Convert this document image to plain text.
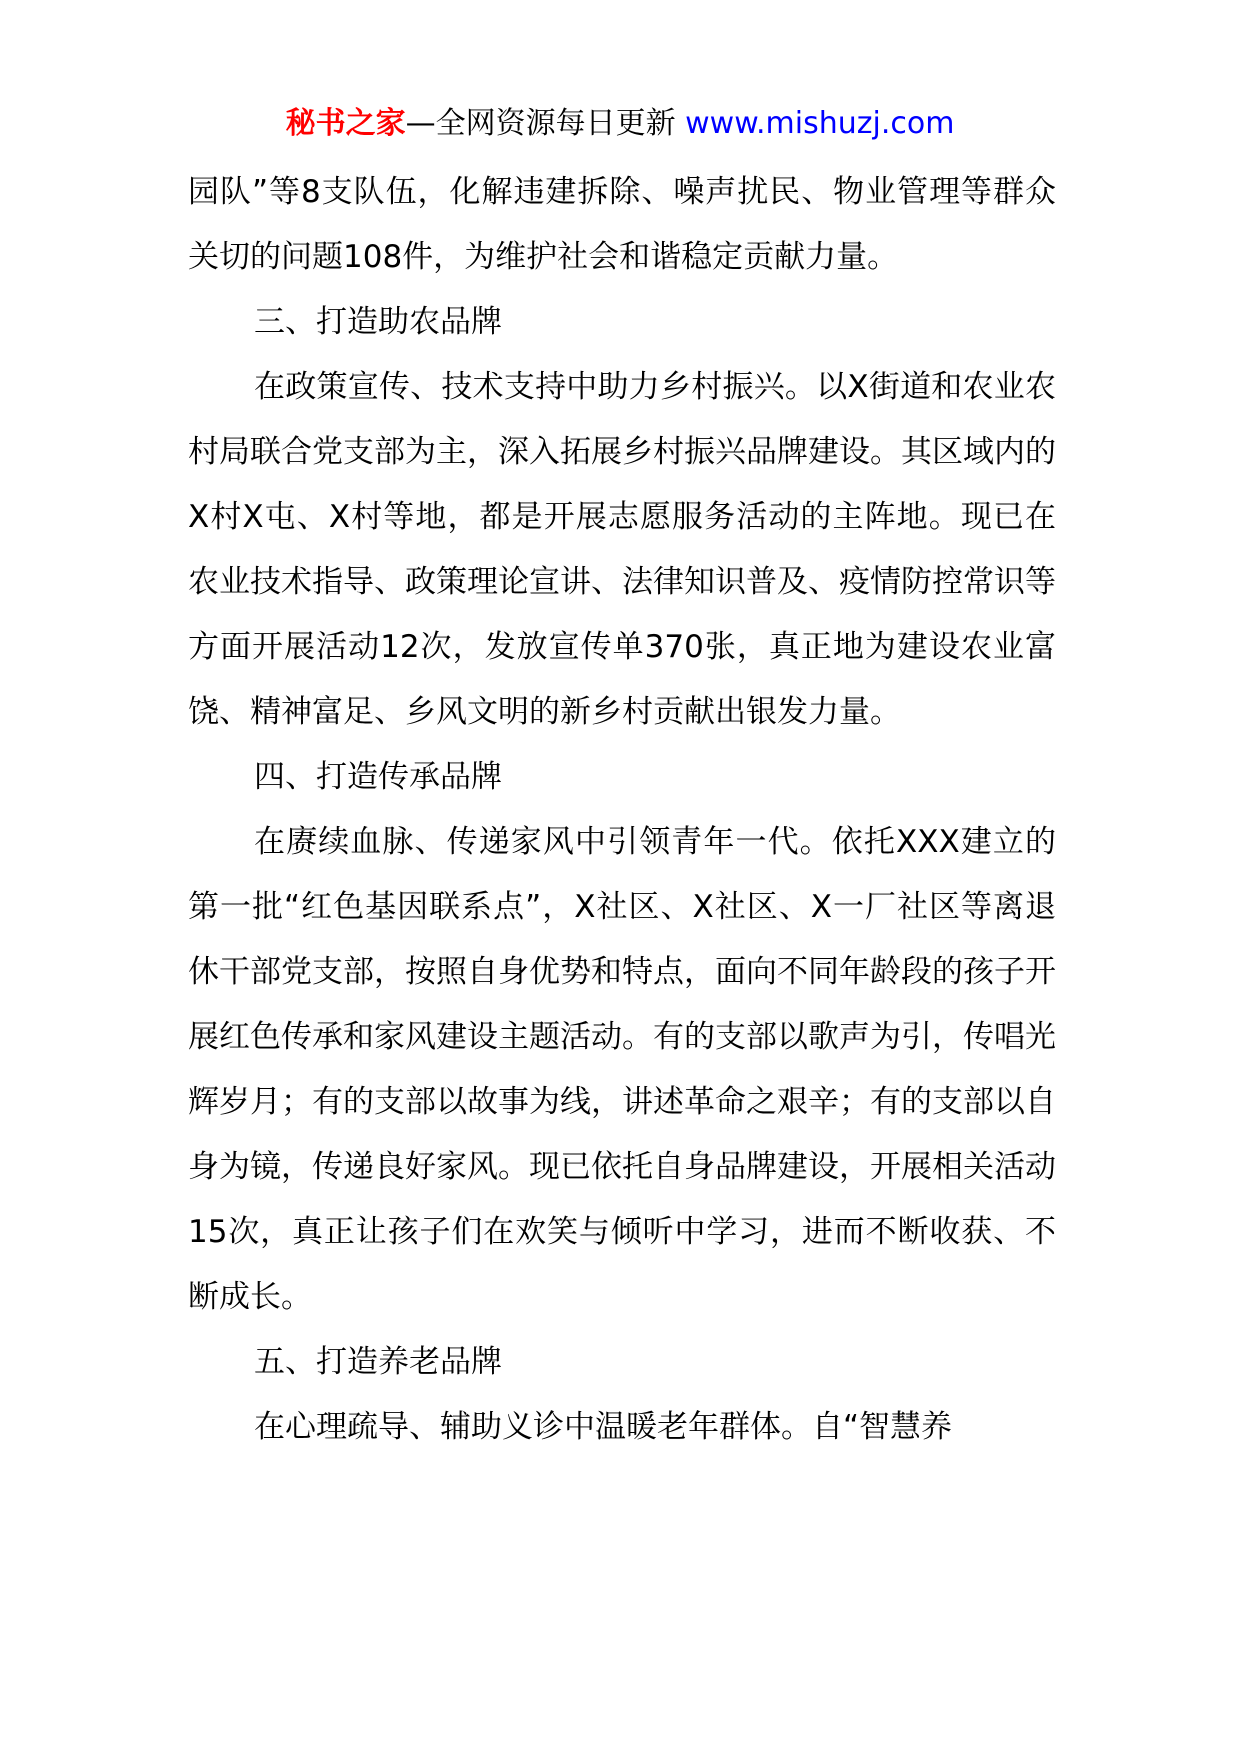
秘书之家—全网资源每日更新 www.mishuzj.com

园队”等8支队伍，化解违建拆除、噪声扰民、物业管理等群众关切的问题108件，为维护社会和谐稳定贡献力量。

三、打造助农品牌

在政策宣传、技术支持中助力乡村振兴。以X街道和农业农村局联合党支部为主，深入拓展乡村振兴品牌建设。其区域内的X村X屯、X村等地，都是开展志愿服务活动的主阵地。现已在农业技术指导、政策理论宣讲、法律知识普及、疫情防控常识等方面开展活动12次，发放宣传单370张，真正地为建设农业富饶、精神富足、乡风文明的新乡村贡献出银发力量。

四、打造传承品牌

在赓续血脉、传递家风中引领青年一代。依托XXX建立的第一批“红色基因联系点”，X社区、X社区、X一厂社区等离退休干部党支部，按照自身优势和特点，面向不同年龄段的孩子开展红色传承和家风建设主题活动。有的支部以歌声为引，传唱光辉岁月；有的支部以故事为线，讲述革命之艰辛；有的支部以自身为镜，传递良好家风。现已依托自身品牌建设，开展相关活动15次，真正让孩子们在欢笑与倾听中学习，进而不断收获、不断成长。

五、打造养老品牌

在心理疏导、辅助义诊中温暖老年群体。自“智慧养
